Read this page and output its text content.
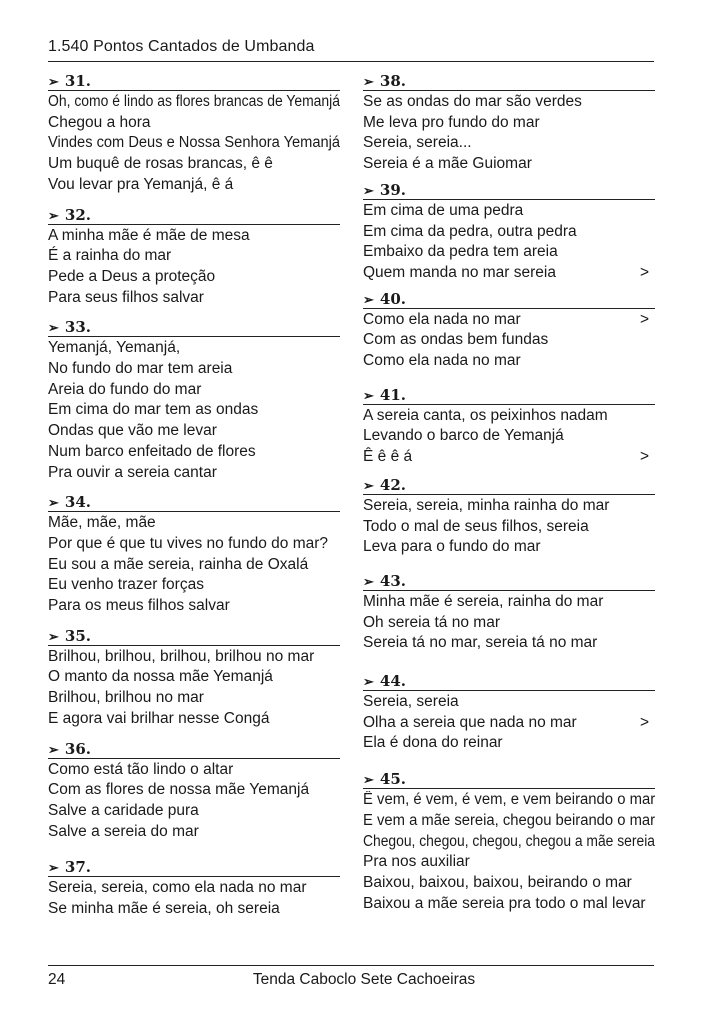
1.540 Pontos Cantados de Umbanda
➢ 31.
Oh, como é lindo as flores brancas de Yemanjá
Chegou a hora
Vindes com Deus e Nossa Senhora Yemanjá
Um buquê de rosas brancas, ê ê
Vou levar pra Yemanjá, ê á
➢ 32.
A minha mãe é mãe de mesa
É a rainha do mar
Pede a Deus a proteção
Para seus filhos salvar
➢ 33.
Yemanjá, Yemanjá,
No fundo do mar tem areia
Areia do fundo do mar
Em cima do mar tem as ondas
Ondas que vão me levar
Num barco enfeitado de flores
Pra ouvir a sereia cantar
➢ 34.
Mãe, mãe, mãe
Por que é que tu vives no fundo do mar?
Eu sou a mãe sereia, rainha de Oxalá
Eu venho trazer forças
Para os meus filhos salvar
➢ 35.
Brilhou, brilhou, brilhou, brilhou no mar
O manto da nossa mãe Yemanjá
Brilhou, brilhou no mar
E agora vai brilhar nesse Congá
➢ 36.
Como está tão lindo o altar
Com as flores de nossa mãe Yemanjá
Salve a caridade pura
Salve a sereia do mar
➢ 37.
Sereia, sereia, como ela nada no mar
Se minha mãe é sereia, oh sereia
➢ 38.
Se as ondas do mar são verdes
Me leva pro fundo do mar
Sereia, sereia...
Sereia é a mãe Guiomar
➢ 39.
Em cima de uma pedra
Em cima da pedra, outra pedra
Embaixo da pedra tem areia
Quem manda no mar sereia	>
➢ 40.
Como ela nada no mar	>
Com as ondas bem fundas
Como ela nada no mar
➢ 41.
A sereia canta, os peixinhos nadam
Levando o barco de Yemanjá
Ê ê ê á	>
➢ 42.
Sereia, sereia, minha rainha do mar
Todo o mal de seus filhos, sereia
Leva para o fundo do mar
➢ 43.
Minha mãe é sereia, rainha do mar
Oh sereia tá no mar
Sereia tá no mar, sereia tá no mar
➢ 44.
Sereia, sereia
Olha a sereia que nada no mar	>
Ela é dona do reinar
➢ 45.
Ê vem, é vem, é vem, e vem beirando o mar
E vem a mãe sereia, chegou beirando o mar
Chegou, chegou, chegou, chegou a mãe sereia
Pra nos auxiliar
Baixou, baixou, baixou, beirando o mar
Baixou a mãe sereia pra todo o mal levar
24	Tenda Caboclo Sete Cachoeiras
